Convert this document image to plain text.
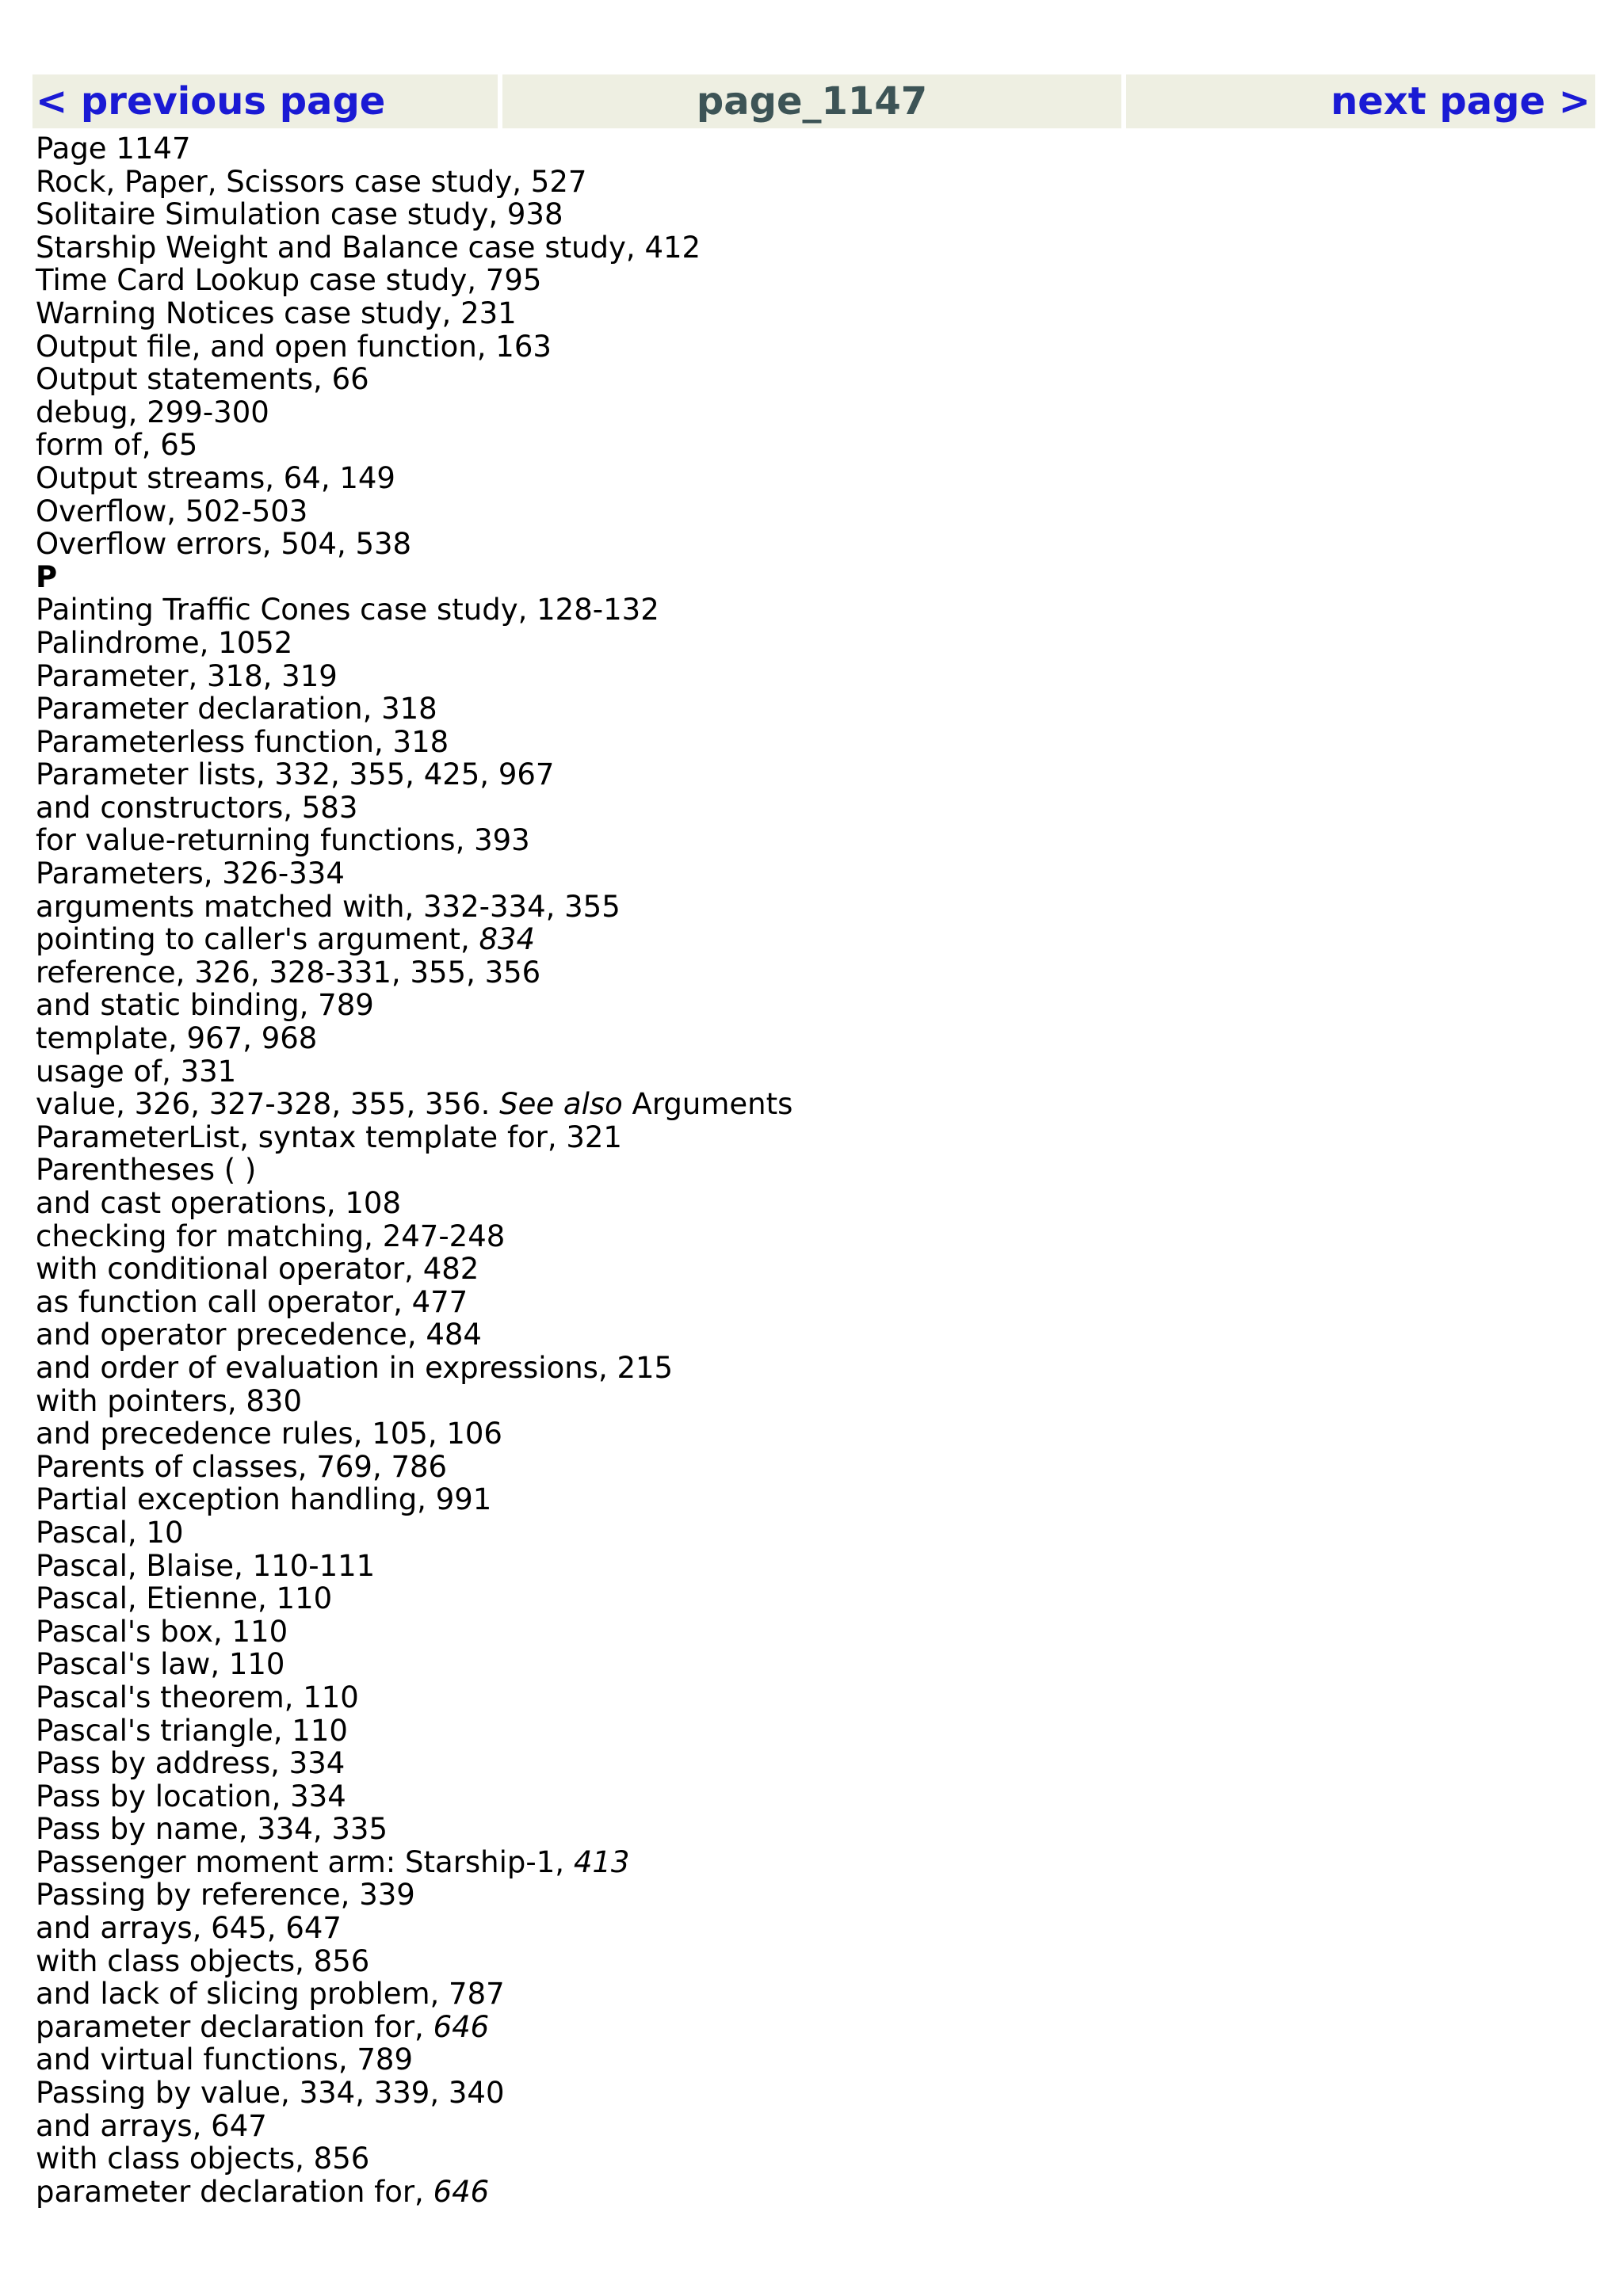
< previous page	page_1147	next page >
Page 1147
Rock, Paper, Scissors case study, 527
Solitaire Simulation case study, 938
Starship Weight and Balance case study, 412
Time Card Lookup case study, 795
Warning Notices case study, 231
Output file, and open function, 163
Output statements, 66
debug, 299-300
form of, 65
Output streams, 64, 149
Overflow, 502-503
Overflow errors, 504, 538
P
Painting Traffic Cones case study, 128-132
Palindrome, 1052
Parameter, 318, 319
Parameter declaration, 318
Parameterless function, 318
Parameter lists, 332, 355, 425, 967
and constructors, 583
for value-returning functions, 393
Parameters, 326-334
arguments matched with, 332-334, 355
pointing to caller's argument, 834
reference, 326, 328-331, 355, 356
and static binding, 789
template, 967, 968
usage of, 331
value, 326, 327-328, 355, 356. See also Arguments
ParameterList, syntax template for, 321
Parentheses ( )
and cast operations, 108
checking for matching, 247-248
with conditional operator, 482
as function call operator, 477
and operator precedence, 484
and order of evaluation in expressions, 215
with pointers, 830
and precedence rules, 105, 106
Parents of classes, 769, 786
Partial exception handling, 991
Pascal, 10
Pascal, Blaise, 110-111
Pascal, Etienne, 110
Pascal's box, 110
Pascal's law, 110
Pascal's theorem, 110
Pascal's triangle, 110
Pass by address, 334
Pass by location, 334
Pass by name, 334, 335
Passenger moment arm: Starship-1, 413
Passing by reference, 339
and arrays, 645, 647
with class objects, 856
and lack of slicing problem, 787
parameter declaration for, 646
and virtual functions, 789
Passing by value, 334, 339, 340
and arrays, 647
with class objects, 856
parameter declaration for, 646
